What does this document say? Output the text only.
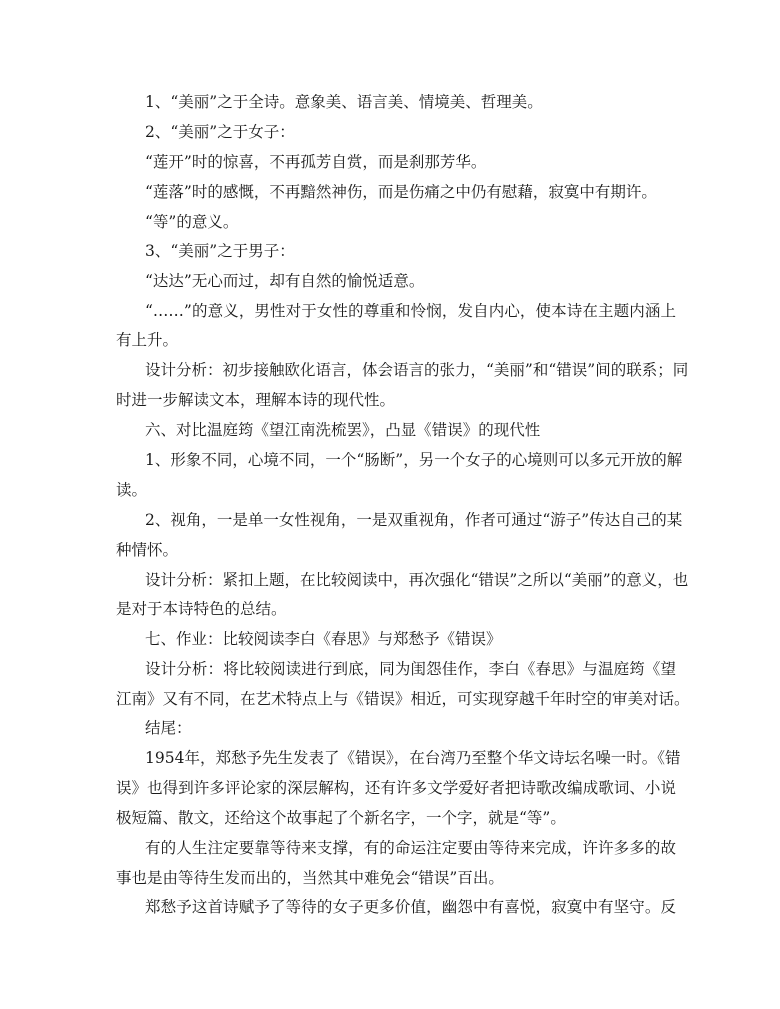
1、“美丽”之于全诗。意象美、语言美、情境美、哲理美。
2、“美丽”之于女子：
“莲开”时的惊喜，不再孤芳自赏，而是刹那芳华。
“莲落”时的感慨，不再黯然神伤，而是伤痛之中仍有慰藉，寂寞中有期许。
“等”的意义。
3、“美丽”之于男子：
“达达”无心而过，却有自然的愉悦适意。
“……”的意义，男性对于女性的尊重和怜悯，发自内心，使本诗在主题内涵上
有上升。
设计分析：初步接触欧化语言，体会语言的张力，“美丽”和“错误”间的联系；同
时进一步解读文本，理解本诗的现代性。
六、对比温庭筠《望江南洗梳罢》，凸显《错误》的现代性
1、形象不同，心境不同，一个“肠断”，另一个女子的心境则可以多元开放的解
读。
2、视角，一是单一女性视角，一是双重视角，作者可通过“游子”传达自己的某
种情怀。
设计分析：紧扣上题，在比较阅读中，再次强化“错误”之所以“美丽”的意义，也
是对于本诗特色的总结。
七、作业：比较阅读李白《春思》与郑愁予《错误》
设计分析：将比较阅读进行到底，同为闺怨佳作，李白《春思》与温庭筠《望
江南》又有不同，在艺术特点上与《错误》相近，可实现穿越千年时空的审美对话。
结尾：
1954年，郑愁予先生发表了《错误》，在台湾乃至整个华文诗坛名噪一时。《错
误》也得到许多评论家的深层解构，还有许多文学爱好者把诗歌改编成歌词、小说
极短篇、散文，还给这个故事起了个新名字，一个字，就是“等”。
有的人生注定要靠等待来支撑，有的命运注定要由等待来完成，许许多多的故
事也是由等待生发而出的，当然其中难免会“错误”百出。
郑愁予这首诗赋予了等待的女子更多价值，幽怨中有喜悦，寂寞中有坚守。反
